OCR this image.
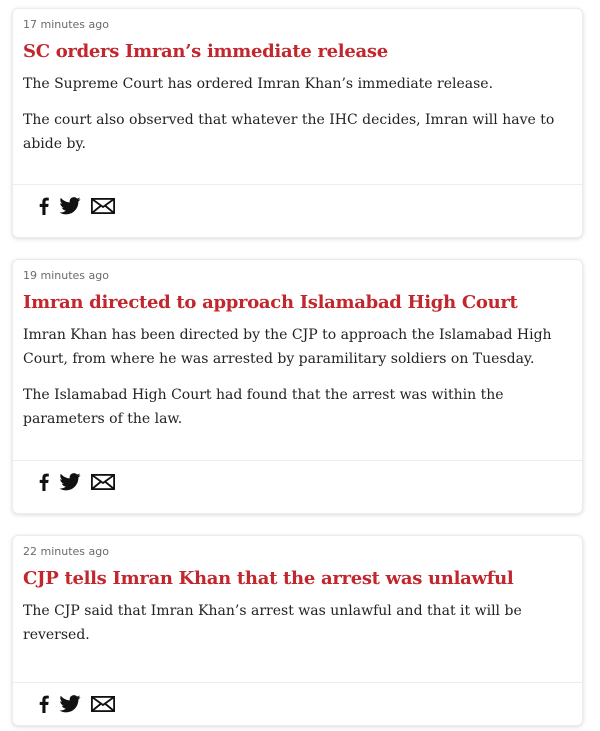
17 minutes ago

SC orders Imran’s immediate release

The Supreme Court has ordered Imran Khan’s immediate release.

The court also observed that whatever the IHC decides, Imran will have to abide by.

19 minutes ago

Imran directed to approach Islamabad High Court

Imran Khan has been directed by the CJP to approach the Islamabad High Court, from where he was arrested by paramilitary soldiers on Tuesday.

The Islamabad High Court had found that the arrest was within the parameters of the law.

22 minutes ago

CJP tells Imran Khan that the arrest was unlawful

The CJP said that Imran Khan’s arrest was unlawful and that it will be reversed.
